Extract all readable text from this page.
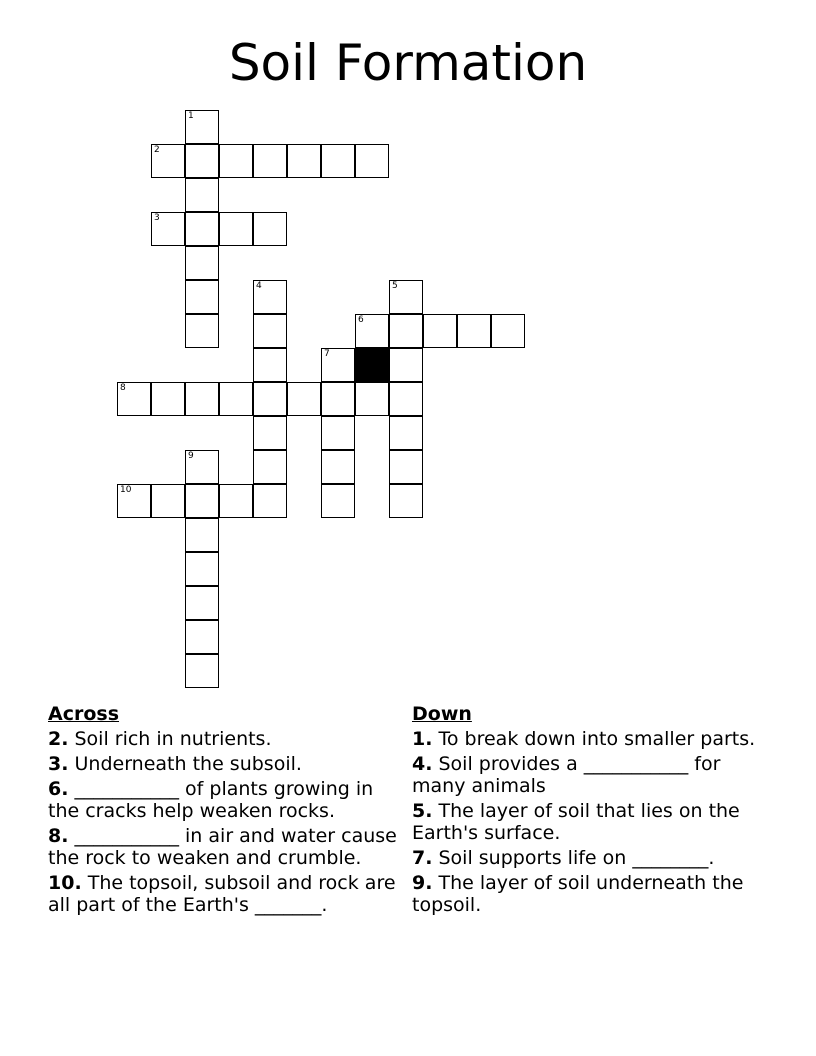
Soil Formation
1
2
3
4	5
6
7
8
9
10
Across
2. Soil rich in nutrients.
3. Underneath the subsoil.
6. ___________ of plants growing in the cracks help weaken rocks.
8. ___________ in air and water cause the rock to weaken and crumble.
10. The topsoil, subsoil and rock are all part of the Earth's _______.
Down
1. To break down into smaller parts.
4. Soil provides a ___________ for many animals
5. The layer of soil that lies on the Earth's surface.
7. Soil supports life on ________.
9. The layer of soil underneath the topsoil.
